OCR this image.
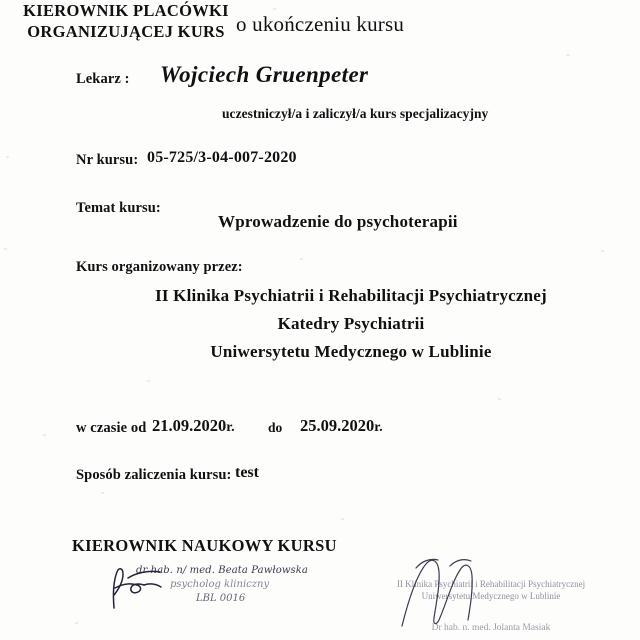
o ukończeniu kursu
Lekarz : Wojciech Gruenpeter
uczestniczył/a i zaliczył/a kurs specjalizacyjny
Nr kursu: 05-725/3-04-007-2020
Temat kursu:
Wprowadzenie do psychoterapii
Kurs organizowany przez:
II Klinika Psychiatrii i Rehabilitacji Psychiatrycznej
Katedry Psychiatrii
Uniwersytetu Medycznego w Lublinie
w czasie od 21.09.2020r. do 25.09.2020r.
Sposób zaliczenia kursu: test
KIEROWNIK NAUKOWY KURSU
dr hab. n/ med. Beata Pawłowska
psycholog kliniczny
LBL 0016
KIEROWNIK PLACÓWKI
ORGANIZUJĄCEJ KURS

II Klinika Psychiatrii i Rehabilitacji Psychiatrycznej
Uniwersytetu Medycznego w Lublinie
Dr hab. n. med. Jolanta Masiak
